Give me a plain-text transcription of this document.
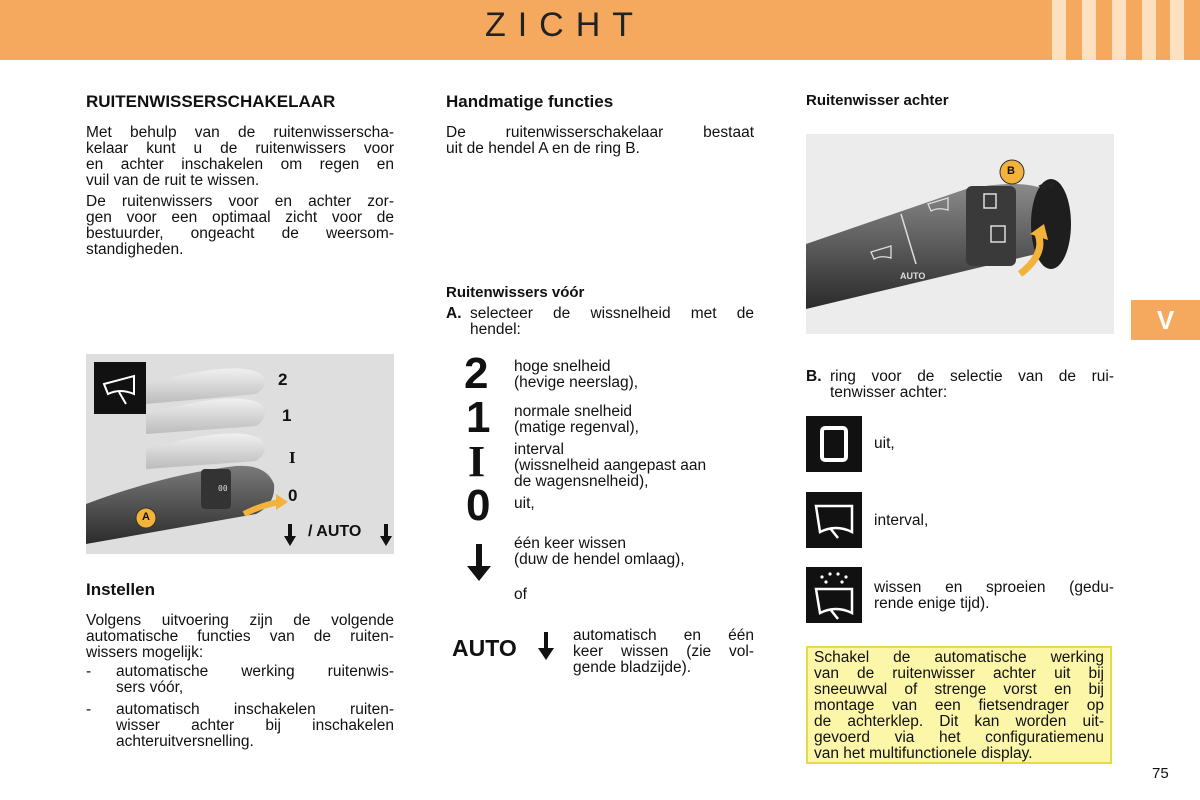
ZICHT
V
RUITENWISSERSCHAKELAAR
Met behulp van de ruitenwisserscha-
kelaar kunt u de ruitenwissers voor
en achter inschakelen om regen en
vuil van de ruit te wissen.
De ruitenwissers voor en achter zor-
gen voor een optimaal zicht voor de
bestuurder, ongeacht de weersom-
standigheden.
00
2
1
I
0
/ AUTO
A
Instellen
Volgens uitvoering zijn de volgende
automatische functies van de ruiten-
wissers mogelijk:
- automatische werking ruitenwis-
sers vóór,
- automatisch inschakelen ruiten-
wisser achter bij inschakelen
achteruitversnelling.
Handmatige functies
De ruitenwisserschakelaar bestaat
uit de hendel A en de ring B.
Ruitenwissers vóór
A. selecteer de wissnelheid met de
hendel:
2 hoge snelheid
(hevige neerslag),
1 normale snelheid
(matige regenval),
I interval
(wissnelheid aangepast aan
de wagensnelheid),
0 uit,
één keer wissen
(duw de hendel omlaag),
of
AUTO	automatisch en één
keer wissen (zie vol-
gende bladzijde).
Ruitenwisser achter
B
AUTO
B. ring voor de selectie van de rui-
tenwisser achter:
uit,
interval,
wissen en sproeien (gedu-
rende enige tijd).
Schakel de automatische werking
van de ruitenwisser achter uit bij
sneeuwval of strenge vorst en bij
montage van een fietsendrager op
de achterklep. Dit kan worden uit-
gevoerd via het configuratiemenu
van het multifunctionele display.
75
